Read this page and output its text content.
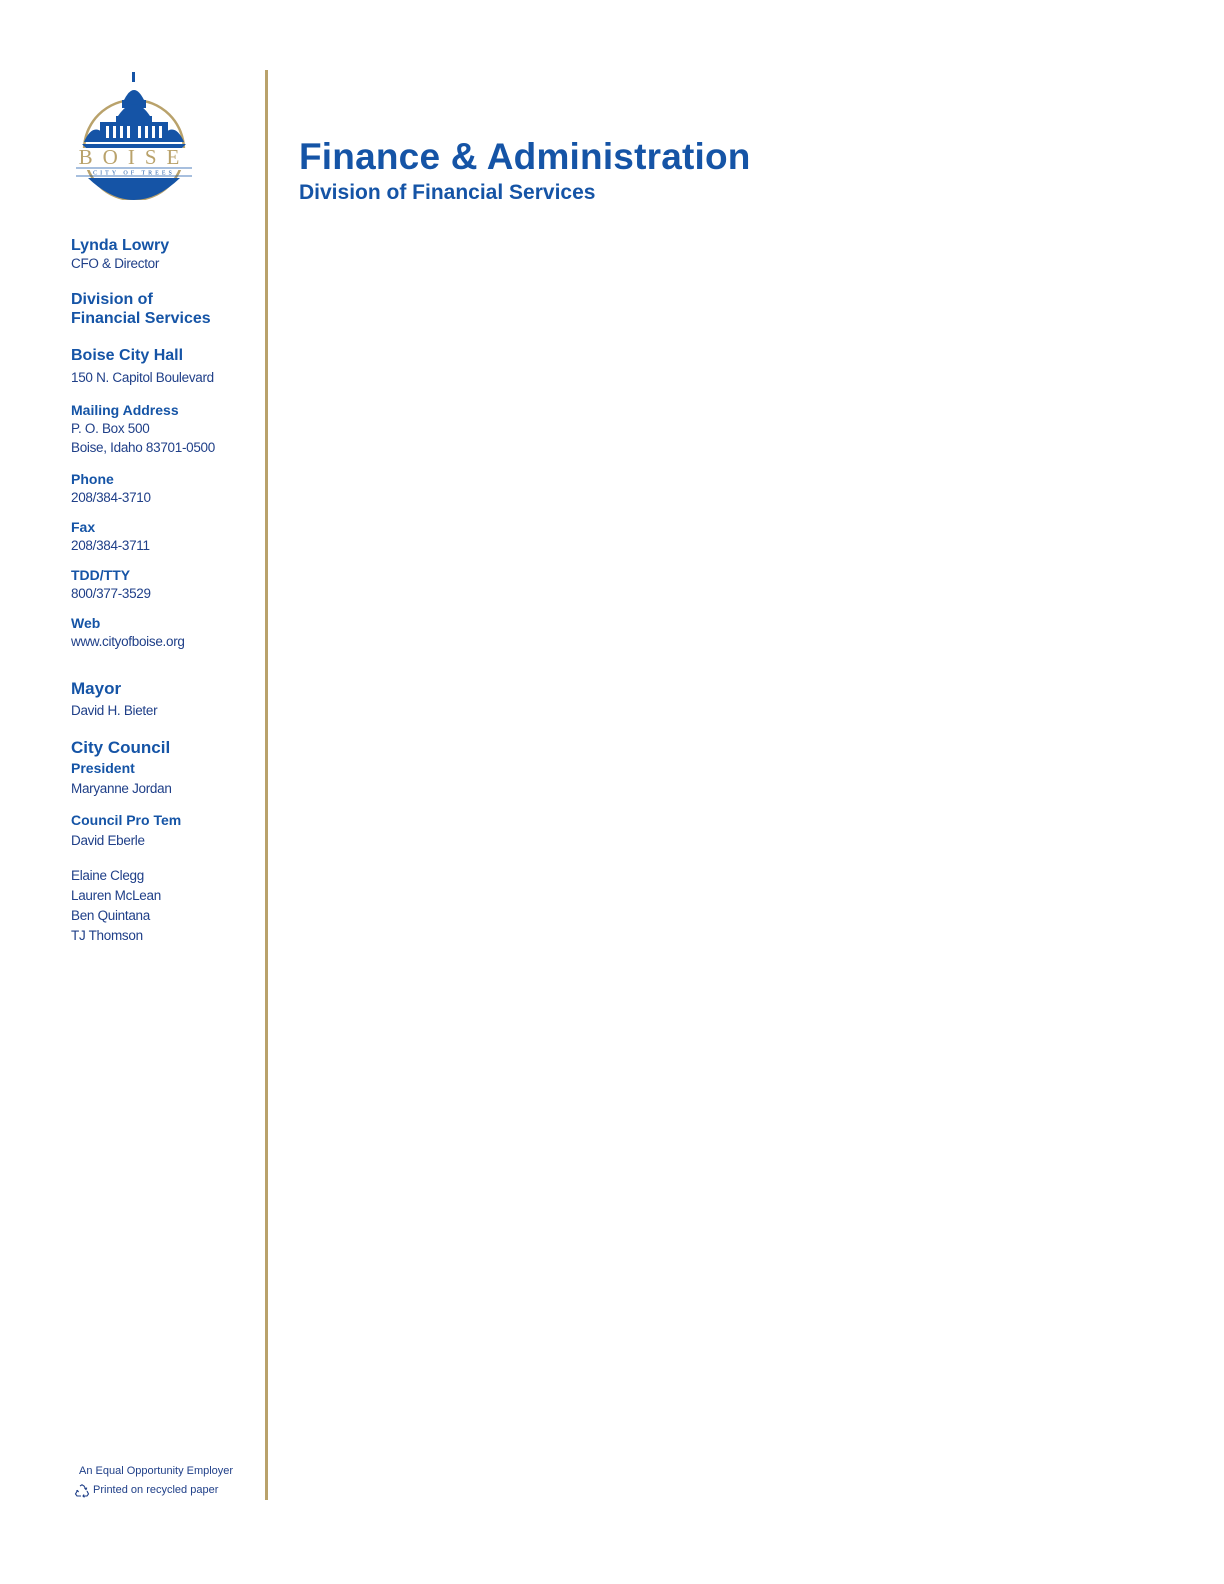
BOISE
CITY OF TREES	Finance & Administration
Division of Financial Services
Lynda Lowry
CFO & Director
Division of
Financial Services
Boise City Hall
150 N. Capitol Boulevard
Mailing Address
P. O. Box 500
Boise, Idaho 83701-0500
Phone
208/384-3710
Fax
208/384-3711
TDD/TTY
800/377-3529
Web
www.cityofboise.org
Mayor
David H. Bieter
City Council
President
Maryanne Jordan
Council Pro Tem
David Eberle
Elaine Clegg
Lauren McLean
Ben Quintana
TJ Thomson
An Equal Opportunity Employer
Printed on recycled paper
